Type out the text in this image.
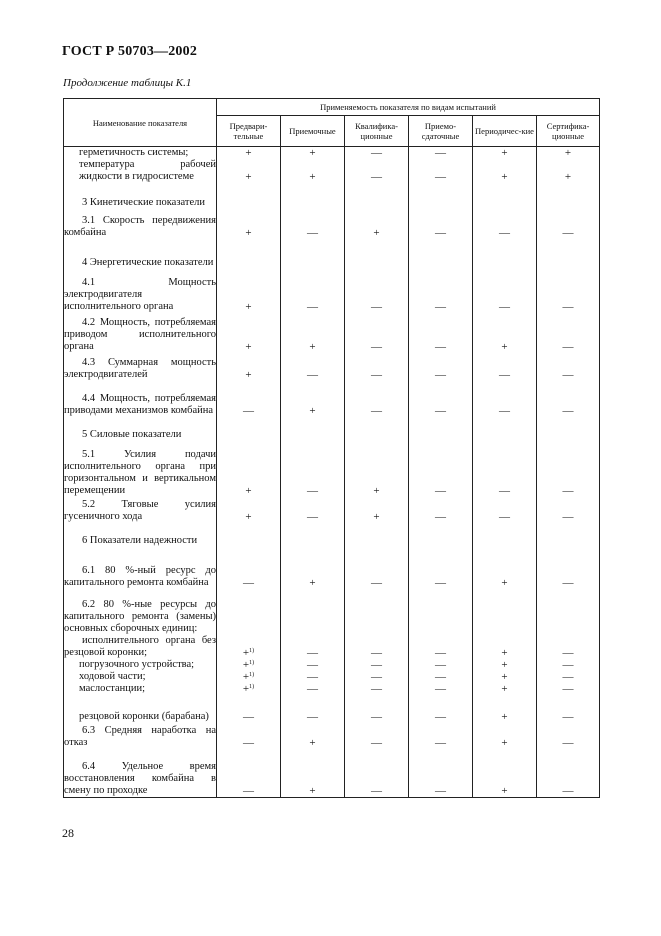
ГОСТ Р 50703—2002
Продолжение таблицы К.1
Наименование показателя	Применяемость показателя по видам испытаний					
	Предвари-тельные	Приемочные	Квалифика-ционные	Приемо-сдаточные	Периодичес-кие	Сертифика-ционные
герметичность системы;	+	+	—	—	+	+
температура рабочей жидкости в гидросистеме	+	+	—	—	+	+
3 Кинетические показатели						
3.1 Скорость передвижения комбайна	+	—	+	—	—	—
4 Энергетические показатели						
4.1 Мощность электродвигателя исполнительного органа	+	—	—	—	—	—
4.2 Мощность, потребляемая приводом исполнительного органа	+	+	—	—	+	—
4.3 Суммарная мощность электродвигателей	+	—	—	—	—	—
4.4 Мощность, потребляемая приводами механизмов комбайна	—	+	—	—	—	—
5 Силовые показатели						
5.1 Усилия подачи исполнительного органа при горизонтальном и вертикальном перемещении	+	—	+	—	—	—
5.2 Тяговые усилия гусеничного хода	+	—	+	—	—	—
6 Показатели надежности						
6.1 80 %-ный ресурс до капитального ремонта комбайна	—	+	—	—	+	—
6.2 80 %-ные ресурсы до капитального ремонта (замены) основных сборочных единиц:						
исполнительного органа без резцовой коронки;	+$^{1)}$	—	—	—	+	—
погрузочного устройства;	+$^{1)}$	—	—	—	+	—
ходовой части;	+$^{1)}$	—	—	—	+	—
маслостанции;	+$^{1)}$	—	—	—	+	—
резцовой коронки (барабана)	—	—	—	—	+	—
6.3 Средняя наработка на отказ	—	+	—	—	+	—
6.4 Удельное время восстановления комбайна в смену по проходке	—	+	—	—	+	—
28
